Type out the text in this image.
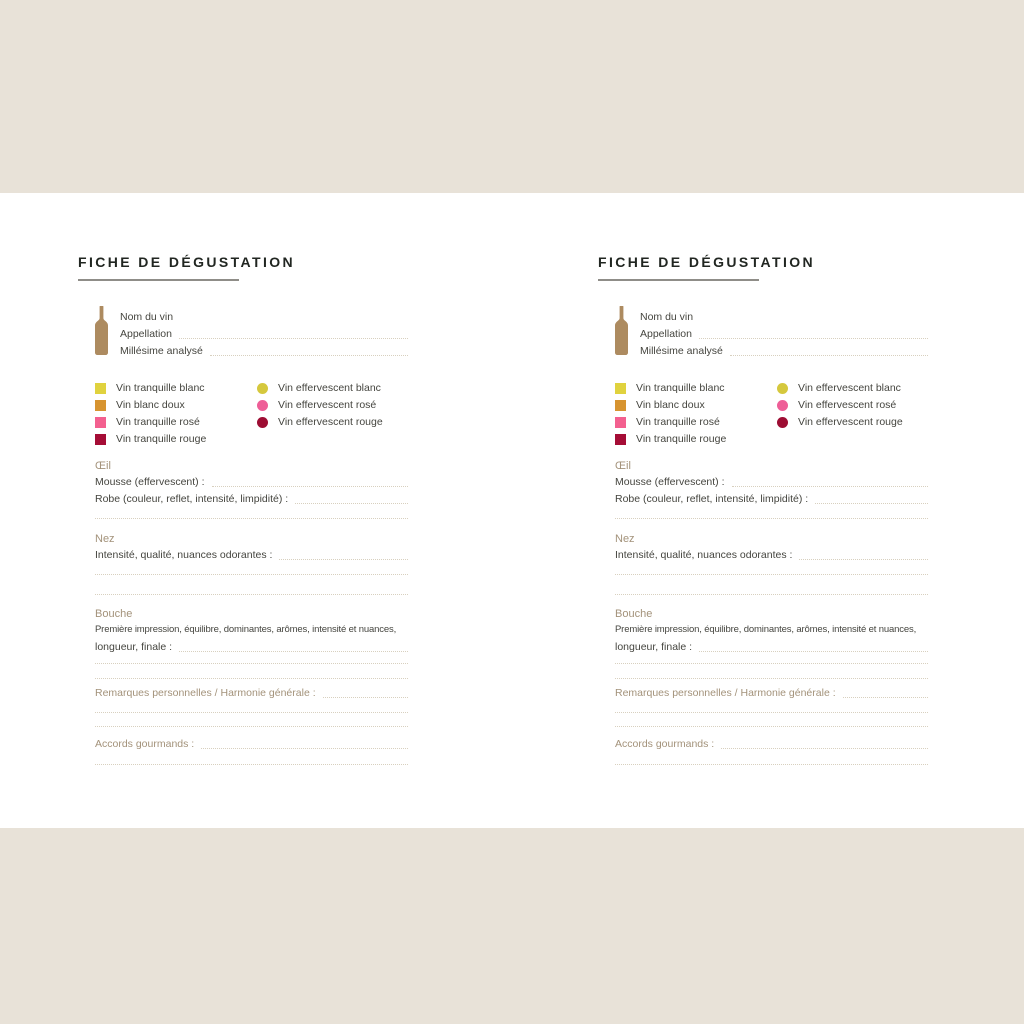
FICHE DE DÉGUSTATION
Nom du vin
Appellation
Millésime analysé
Vin tranquille blanc
Vin blanc doux
Vin tranquille rosé
Vin tranquille rouge
Vin effervescent blanc
Vin effervescent rosé
Vin effervescent rouge
Œil
Mousse (effervescent) :
Robe (couleur, reflet, intensité, limpidité) :
Nez
Intensité, qualité, nuances odorantes :
Bouche

Première impression, équilibre, dominantes, arômes, intensité et nuances,

longueur, finale :
Remarques personnelles / Harmonie générale :
Accords gourmands :
FICHE DE DÉGUSTATION
Nom du vin
Appellation
Millésime analysé
Vin tranquille blanc
Vin blanc doux
Vin tranquille rosé
Vin tranquille rouge
Vin effervescent blanc
Vin effervescent rosé
Vin effervescent rouge
Œil
Mousse (effervescent) :
Robe (couleur, reflet, intensité, limpidité) :
Nez
Intensité, qualité, nuances odorantes :
Bouche

Première impression, équilibre, dominantes, arômes, intensité et nuances,

longueur, finale :
Remarques personnelles / Harmonie générale :
Accords gourmands :
